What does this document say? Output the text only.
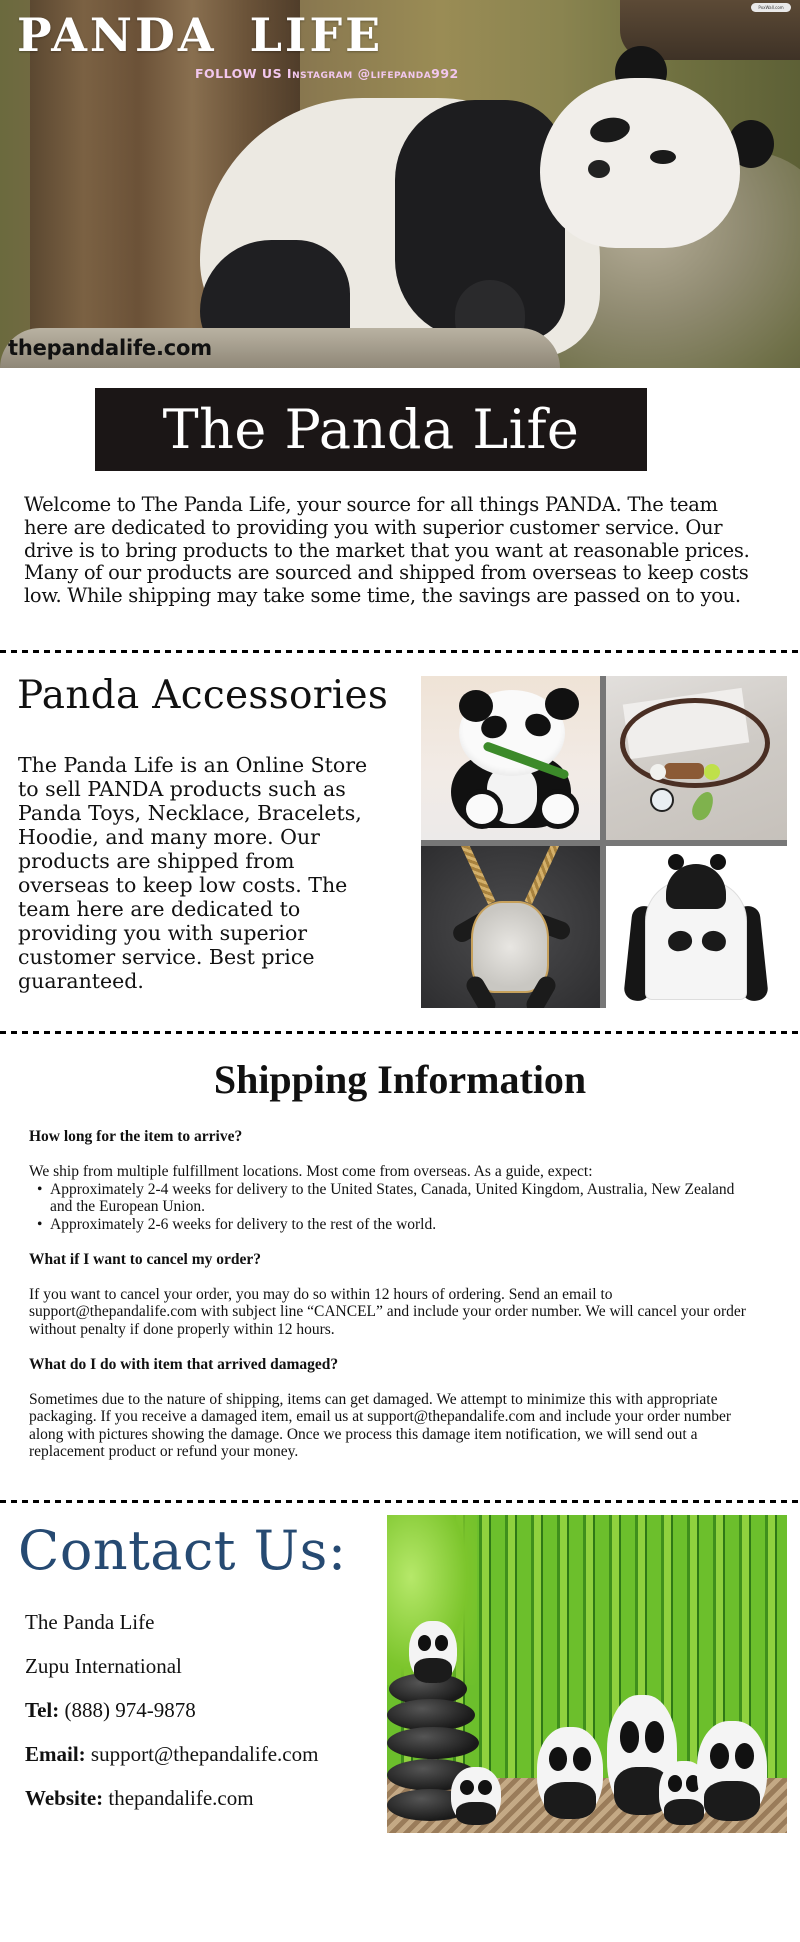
PANDA LIFE
FOLLOW US Instagram @lifepanda992
thepandalife.com
PxxWall.com
The Panda Life
Welcome to The Panda Life, your source for all things PANDA. The team here are dedicated to providing you with superior customer service. Our drive is to bring products to the market that you want at reasonable prices. Many of our products are sourced and shipped from overseas to keep costs low. While shipping may take some time, the savings are passed on to you.
Panda Accessories
The Panda Life is an Online Store to sell PANDA products such as Panda Toys, Necklace, Bracelets, Hoodie, and many more. Our products are shipped from overseas to keep low costs. The team here are dedicated to providing you with superior customer service. Best price guaranteed.
Shipping Information
How long for the item to arrive?

We ship from multiple fulfillment locations. Most come from overseas. As a guide, expect:

• Approximately 2-4 weeks for delivery to the United States, Canada, United Kingdom, Australia, New Zealand and the European Union.
• Approximately 2-6 weeks for delivery to the rest of the world.
What if I want to cancel my order?

If you want to cancel your order, you may do so within 12 hours of ordering. Send an email to support@thepandalife.com with subject line “CANCEL” and include your order number. We will cancel your order without penalty if done properly within 12 hours.

What do I do with item that arrived damaged?

Sometimes due to the nature of shipping, items can get damaged. We attempt to minimize this with appropriate packaging. If you receive a damaged item, email us at support@thepandalife.com and include your order number along with pictures showing the damage. Once we process this damage item notification, we will send out a replacement product or refund your money.

Contact Us:
The Panda Life
Zupu International
Tel: (888) 974-9878
Email: support@thepandalife.com
Website: thepandalife.com
